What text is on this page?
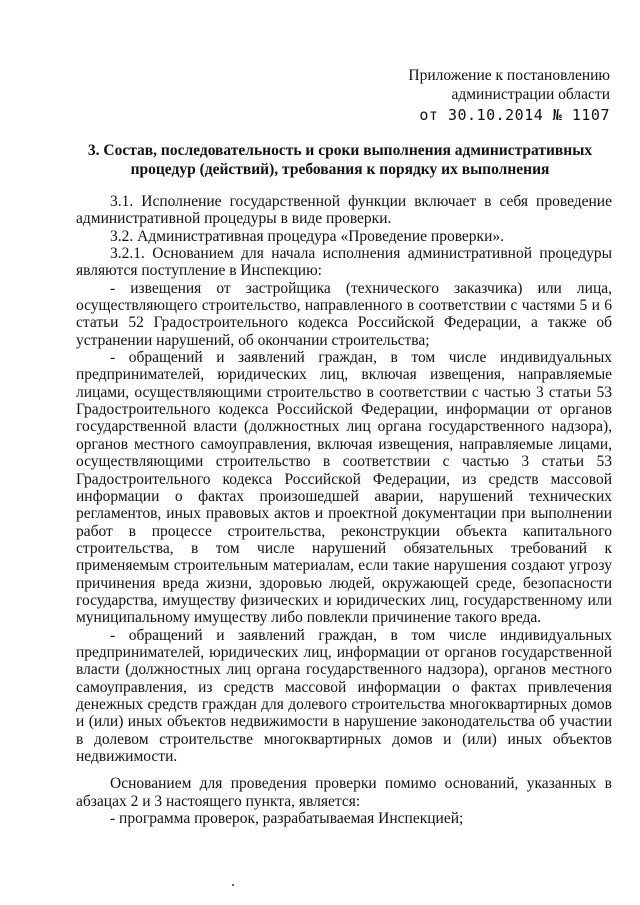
Приложение к постановлению
администрации области
от 30.10.2014 № 1107
3. Состав, последовательность и сроки выполнения административных
процедур (действий), требования к порядку их выполнения

3.1. Исполнение государственной функции включает в себя проведение административной процедуры в виде проверки.

3.2. Административная процедура «Проведение проверки».

3.2.1. Основанием для начала исполнения административной процедуры являются поступление в Инспекцию:

- извещения от застройщика (технического заказчика) или лица, осуществляющего строительство, направленного в соответствии с частями 5 и 6 статьи 52 Градостроительного кодекса Российской Федерации, а также об устранении нарушений, об окончании строительства;

- обращений и заявлений граждан, в том числе индивидуальных предпринимателей, юридических лиц, включая извещения, направляемые лицами, осуществляющими строительство в соответствии с частью 3 статьи 53 Градостроительного кодекса Российской Федерации, информации от органов государственной власти (должностных лиц органа государственного надзора), органов местного самоуправления, включая извещения, направляемые лицами, осуществляющими строительство в соответствии с частью 3 статьи 53 Градостроительного кодекса Российской Федерации, из средств массовой информации о фактах произошедшей аварии, нарушений технических регламентов, иных правовых актов и проектной документации при выполнении работ в процессе строительства, реконструкции объекта капитального строительства, в том числе нарушений обязательных требований к применяемым строительным материалам, если такие нарушения создают угрозу причинения вреда жизни, здоровью людей, окружающей среде, безопасности государства, имуществу физических и юридических лиц, государственному или муниципальному имуществу либо повлекли причинение такого вреда.

- обращений и заявлений граждан, в том числе индивидуальных предпринимателей, юридических лиц, информации от органов государственной власти (должностных лиц органа государственного надзора), органов местного самоуправления, из средств массовой информации о фактах привлечения денежных средств граждан для долевого строительства многоквартирных домов и (или) иных объектов недвижимости в нарушение законодательства об участии в долевом строительстве многоквартирных домов и (или) иных объектов недвижимости.

Основанием для проведения проверки помимо оснований, указанных в абзацах 2 и 3 настоящего пункта, является:

- программа проверок, разрабатываемая Инспекцией;
